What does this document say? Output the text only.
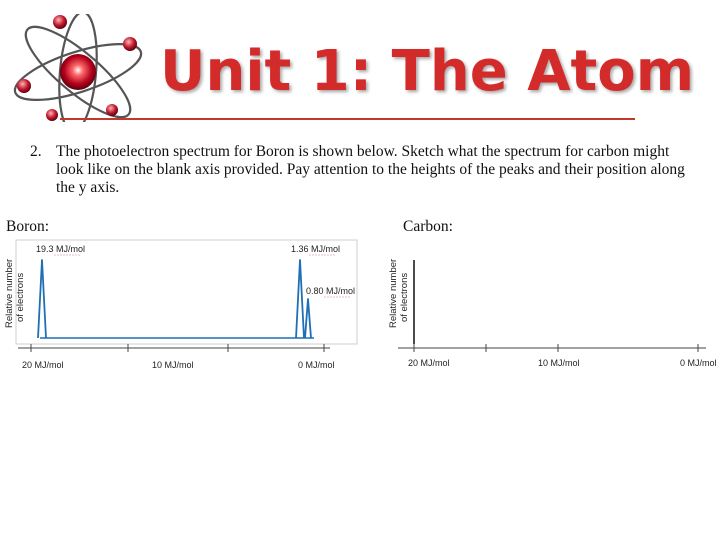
Unit 1: The Atom
2. The photoelectron spectrum for Boron is shown below. Sketch what the spectrum for carbon might look like on the blank axis provided. Pay attention to the heights of the peaks and their position along the y axis.
Boron:	Carbon:
20 MJ/mol	10 MJ/mol	0 MJ/mol
Relative number of electrons
19.3 MJ/mol	1.36 MJ/mol
0.80 MJ/mol
20 MJ/mol	10 MJ/mol	0 MJ/mol
Relative number of electrons
